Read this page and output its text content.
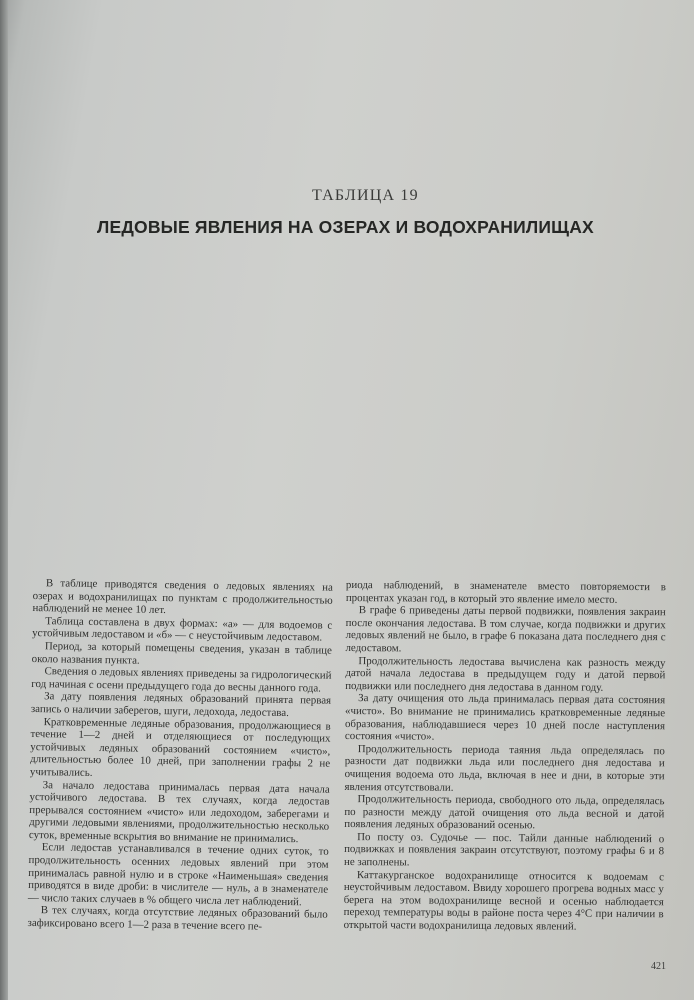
ТАБЛИЦА 19
ЛЕДОВЫЕ ЯВЛЕНИЯ НА ОЗЕРАХ И ВОДОХРАНИЛИЩАХ

В таблице приводятся сведения о ледовых явлениях на озерах и водохранилищах по пунктам с продолжительностью наблюдений не менее 10 лет.

Таблица составлена в двух формах: «а» — для водоемов с устойчивым ледоставом и «б» — с неустойчивым ледоставом.

Период, за который помещены сведения, указан в таблице около названия пункта.

Сведения о ледовых явлениях приведены за гидрологический год начиная с осени предыдущего года до весны данного года.

За дату появления ледяных образований принята первая запись о наличии заберегов, шуги, ледохода, ледостава.

Кратковременные ледяные образования, продолжающиеся в течение 1—2 дней и отделяющиеся от последующих устойчивых ледяных образований состоянием «чисто», длительностью более 10 дней, при заполнении графы 2 не учитывались.

За начало ледостава принималась первая дата начала устойчивого ледостава. В тех случаях, когда ледостав прерывался состоянием «чисто» или ледоходом, заберегами и другими ледовыми явлениями, продолжительностью несколько суток, временные вскрытия во внимание не принимались.

Если ледостав устанавливался в течение одних суток, то продолжительность осенних ледовых явлений при этом принималась равной нулю и в строке «Наименьшая» сведения приводятся в виде дроби: в числителе — нуль, а в знаменателе — число таких случаев в % общего числа лет наблюдений.

В тех случаях, когда отсутствие ледяных образований было зафиксировано всего 1—2 раза в течение всего пе-

риода наблюдений, в знаменателе вместо повторяемости в процентах указан год, в который это явление имело место.

В графе 6 приведены даты первой подвижки, появления закраин после окончания ледостава. В том случае, когда подвижки и других ледовых явлений не было, в графе 6 показана дата последнего дня с ледоставом.

Продолжительность ледостава вычислена как разность между датой начала ледостава в предыдущем году и датой первой подвижки или последнего дня ледостава в данном году.

За дату очищения ото льда принималась первая дата состояния «чисто». Во внимание не принимались кратковременные ледяные образования, наблюдавшиеся через 10 дней после наступления состояния «чисто».

Продолжительность периода таяния льда определялась по разности дат подвижки льда или последнего дня ледостава и очищения водоема ото льда, включая в нее и дни, в которые эти явления отсутствовали.

Продолжительность периода, свободного ото льда, определялась по разности между датой очищения ото льда весной и датой появления ледяных образований осенью.

По посту оз. Судочье — пос. Тайли данные наблюдений о подвижках и появления закраин отсутствуют, поэтому графы 6 и 8 не заполнены.

Каттакурганское водохранилище относится к водоемам с неустойчивым ледоставом. Ввиду хорошего прогрева водных масс у берега на этом водохранилище весной и осенью наблюдается переход температуры воды в районе поста через 4°С при наличии в открытой части водохранилища ледовых явлений.

421
